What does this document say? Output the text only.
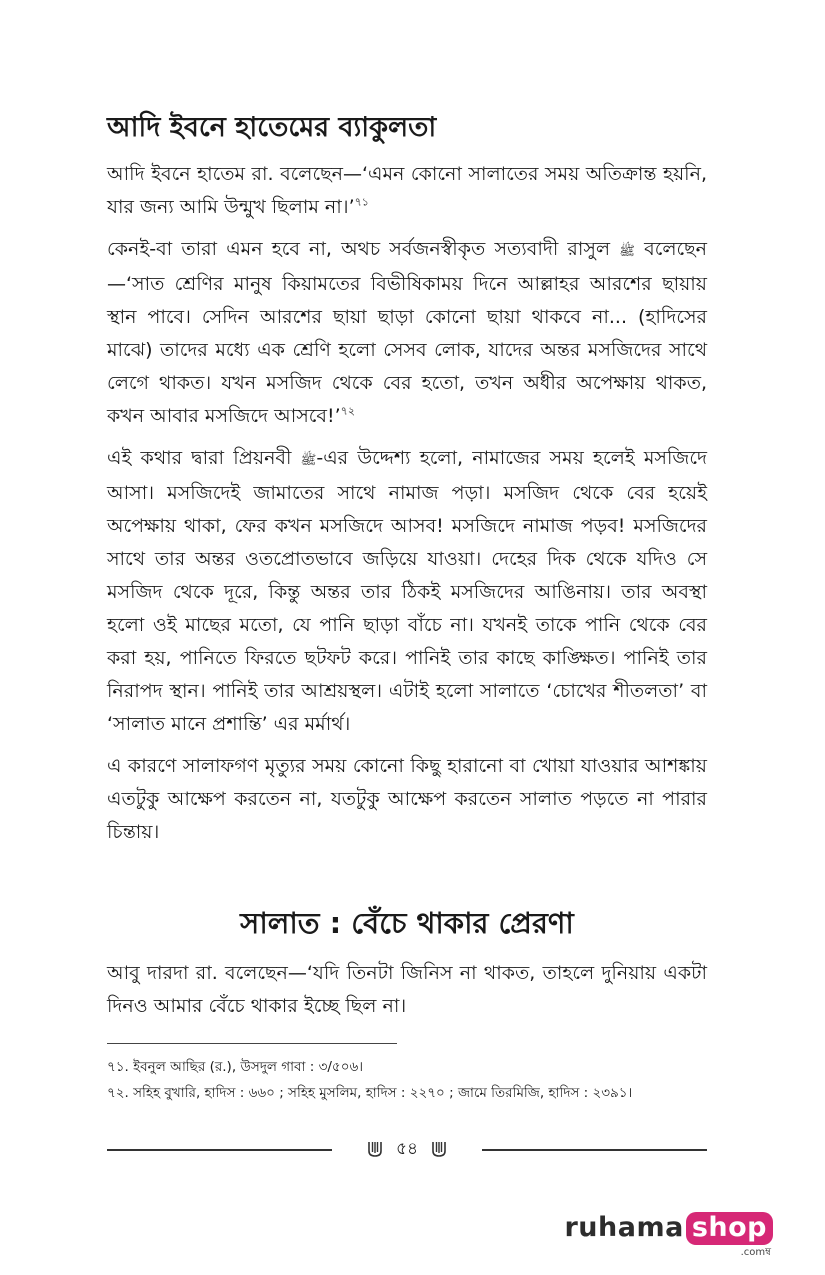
আদি ইবনে হাতেমের ব্যাকুলতা

আদি ইবনে হাতেম রা. বলেছেন—‘এমন কোনো সালাতের সময় অতিক্রান্ত হয়নি, যার জন্য আমি উন্মুখ ছিলাম না।’$^{৭১}$

কেনই-বা তারা এমন হবে না, অথচ সর্বজনস্বীকৃত সত্যবাদী রাসুল ﷺ বলেছেন—‘সাত শ্রেণির মানুষ কিয়ামতের বিভীষিকাময় দিনে আল্লাহর আরশের ছায়ায় স্থান পাবে। সেদিন আরশের ছায়া ছাড়া কোনো ছায়া থাকবে না... (হাদিসের মাঝে) তাদের মধ্যে এক শ্রেণি হলো সেসব লোক, যাদের অন্তর মসজিদের সাথে লেগে থাকত। যখন মসজিদ থেকে বের হতো, তখন অধীর অপেক্ষায় থাকত, কখন আবার মসজিদে আসবে!’$^{৭২}$

এই কথার দ্বারা প্রিয়নবী ﷺ-এর উদ্দেশ্য হলো, নামাজের সময় হলেই মসজিদে আসা। মসজিদেই জামাতের সাথে নামাজ পড়া। মসজিদ থেকে বের হয়েই অপেক্ষায় থাকা, ফের কখন মসজিদে আসব! মসজিদে নামাজ পড়ব! মসজিদের সাথে তার অন্তর ওতপ্রোতভাবে জড়িয়ে যাওয়া। দেহের দিক থেকে যদিও সে মসজিদ থেকে দূরে, কিন্তু অন্তর তার ঠিকই মসজিদের আঙিনায়। তার অবস্থা হলো ওই মাছের মতো, যে পানি ছাড়া বাঁচে না। যখনই তাকে পানি থেকে বের করা হয়, পানিতে ফিরতে ছটফট করে। পানিই তার কাছে কাঙ্ক্ষিত। পানিই তার নিরাপদ স্থান। পানিই তার আশ্রয়স্থল। এটাই হলো সালাতে ‘চোখের শীতলতা’ বা ‘সালাত মানে প্রশান্তি’ এর মর্মার্থ।

এ কারণে সালাফগণ মৃত্যুর সময় কোনো কিছু হারানো বা খোয়া যাওয়ার আশঙ্কায় এতটুকু আক্ষেপ করতেন না, যতটুকু আক্ষেপ করতেন সালাত পড়তে না পারার চিন্তায়।

সালাত : বেঁচে থাকার প্রেরণা

আবু দারদা রা. বলেছেন—‘যদি তিনটা জিনিস না থাকত, তাহলে দুনিয়ায় একটা দিনও আমার বেঁচে থাকার ইচ্ছে ছিল না।

৭১. ইবনুল আছির (র.), উসদুল গাবা : ৩/৫০৬।

৭২. সহিহ বুখারি, হাদিস : ৬৬০ ; সহিহ মুসলিম, হাদিস : ২২৭০ ; জামে তিরমিজি, হাদিস : ২৩৯১।

৫৪
ruhama shop
.comম্ব
